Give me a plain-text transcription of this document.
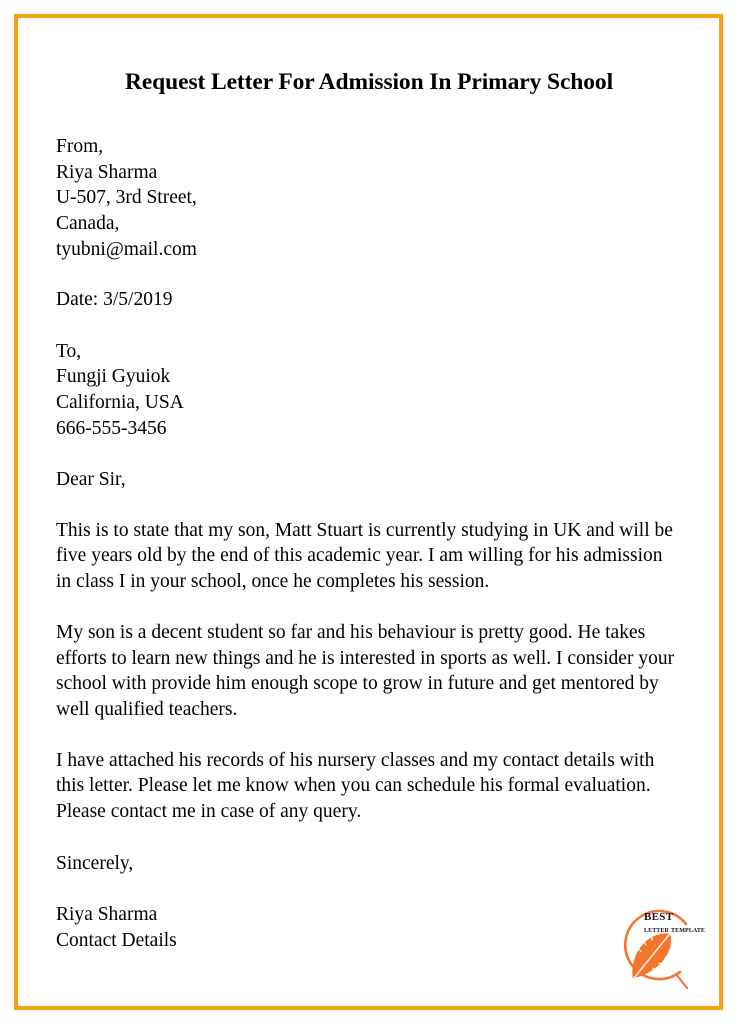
Request Letter For Admission In Primary School
From,
Riya Sharma
U-507, 3rd Street,
Canada,
tyubni@mail.com
Date: 3/5/2019
To,
Fungji Gyuiok
California, USA
666-555-3456
Dear Sir,

This is to state that my son, Matt Stuart is currently studying in UK and will be five years old by the end of this academic year. I am willing for his admission in class I in your school, once he completes his session.

My son is a decent student so far and his behaviour is pretty good. He takes efforts to learn new things and he is interested in sports as well. I consider your school with provide him enough scope to grow in future and get mentored by well qualified teachers.

I have attached his records of his nursery classes and my contact details with this letter. Please let me know when you can schedule his formal evaluation. Please contact me in case of any query.

Sincerely,
Riya Sharma
Contact Details
best
letter template
